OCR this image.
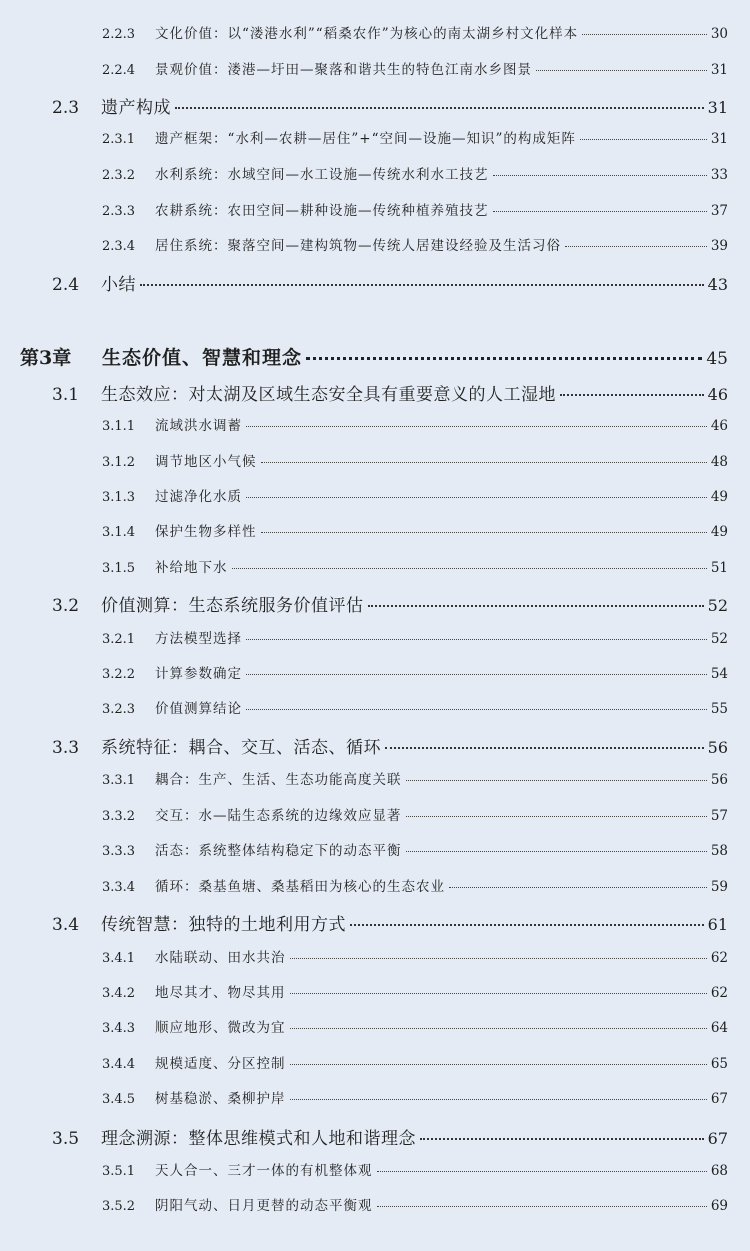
2.2.3	文化价值：以“溇港水利”“稻桑农作”为核心的南太湖乡村文化样本	30
2.2.4	景观价值：溇港—圩田—聚落和谐共生的特色江南水乡图景	31
2.3	遗产构成	31
2.3.1	遗产框架：“水利—农耕—居住”+“空间—设施—知识”的构成矩阵	31
2.3.2	水利系统：水域空间—水工设施—传统水利水工技艺	33
2.3.3	农耕系统：农田空间—耕种设施—传统种植养殖技艺	37
2.3.4	居住系统：聚落空间—建构筑物—传统人居建设经验及生活习俗	39
2.4	小结	43
第3章	生态价值、智慧和理念	45
3.1	生态效应：对太湖及区域生态安全具有重要意义的人工湿地	46
3.1.1	流域洪水调蓄	46
3.1.2	调节地区小气候	48
3.1.3	过滤净化水质	49
3.1.4	保护生物多样性	49
3.1.5	补给地下水	51
3.2	价值测算：生态系统服务价值评估	52
3.2.1	方法模型选择	52
3.2.2	计算参数确定	54
3.2.3	价值测算结论	55
3.3	系统特征：耦合、交互、活态、循环	56
3.3.1	耦合：生产、生活、生态功能高度关联	56
3.3.2	交互：水—陆生态系统的边缘效应显著	57
3.3.3	活态：系统整体结构稳定下的动态平衡	58
3.3.4	循环：桑基鱼塘、桑基稻田为核心的生态农业	59
3.4	传统智慧：独特的土地利用方式	61
3.4.1	水陆联动、田水共治	62
3.4.2	地尽其才、物尽其用	62
3.4.3	顺应地形、微改为宜	64
3.4.4	规模适度、分区控制	65
3.4.5	树基稳淤、桑柳护岸	67
3.5	理念溯源：整体思维模式和人地和谐理念	67
3.5.1	天人合一、三才一体的有机整体观	68
3.5.2	阴阳气动、日月更替的动态平衡观	69
